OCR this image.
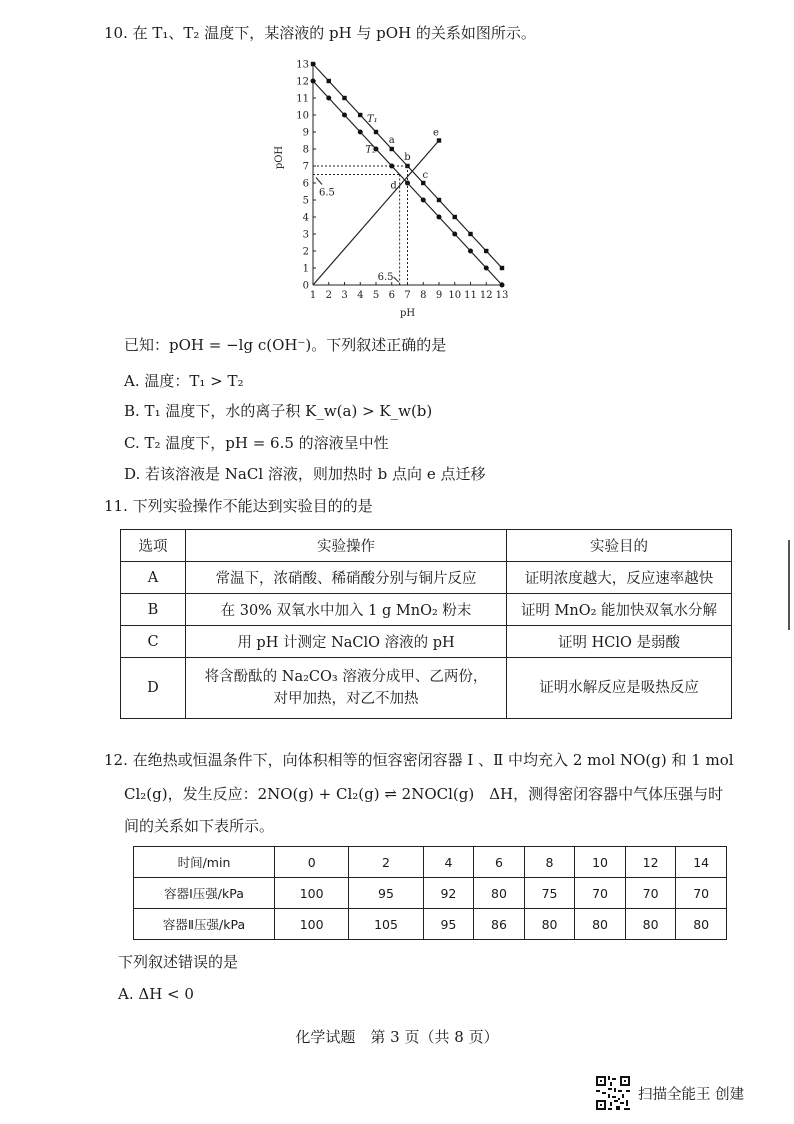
10. 在 T₁、T₂ 温度下，某溶液的 pH 与 pOH 的关系如图所示。
1 2 3 4 5 6 7 8 9 10 11 12 13
0
1
2
3
4
5
6
7
8
9
10
11
12
13
pH
pOH
T₁
T₂
a
b
c
d
e
6.5
6.5
已知：pOH = −lg c(OH⁻)。下列叙述正确的是
A. 温度：T₁ > T₂
B. T₁ 温度下，水的离子积 K_w(a) > K_w(b)
C. T₂ 温度下，pH = 6.5 的溶液呈中性
D. 若该溶液是 NaCl 溶液，则加热时 b 点向 e 点迁移
11. 下列实验操作不能达到实验目的的是
选项	实验操作	实验目的
A	常温下，浓硝酸、稀硝酸分别与铜片反应	证明浓度越大，反应速率越快
B	在 30% 双氧水中加入 1 g MnO₂ 粉末	证明 MnO₂ 能加快双氧水分解
C	用 pH 计测定 NaClO 溶液的 pH	证明 HClO 是弱酸
D	将含酚酞的 Na₂CO₃ 溶液分成甲、乙两份，
对甲加热，对乙不加热	证明水解反应是吸热反应
12. 在绝热或恒温条件下，向体积相等的恒容密闭容器 Ⅰ 、Ⅱ 中均充入 2 mol NO(g) 和 1 mol
Cl₂(g)，发生反应：2NO(g) + Cl₂(g) ⇌ 2NOCl(g)　ΔH，测得密闭容器中气体压强与时
间的关系如下表所示。
时间/min	0	2	4	6	8	10	12	14
容器Ⅰ压强/kPa	100	95	92	80	75	70	70	70
容器Ⅱ压强/kPa	100	105	95	86	80	80	80	80
下列叙述错误的是
A. ΔH < 0
化学试题　第 3 页（共 8 页）
扫描全能王 创建
